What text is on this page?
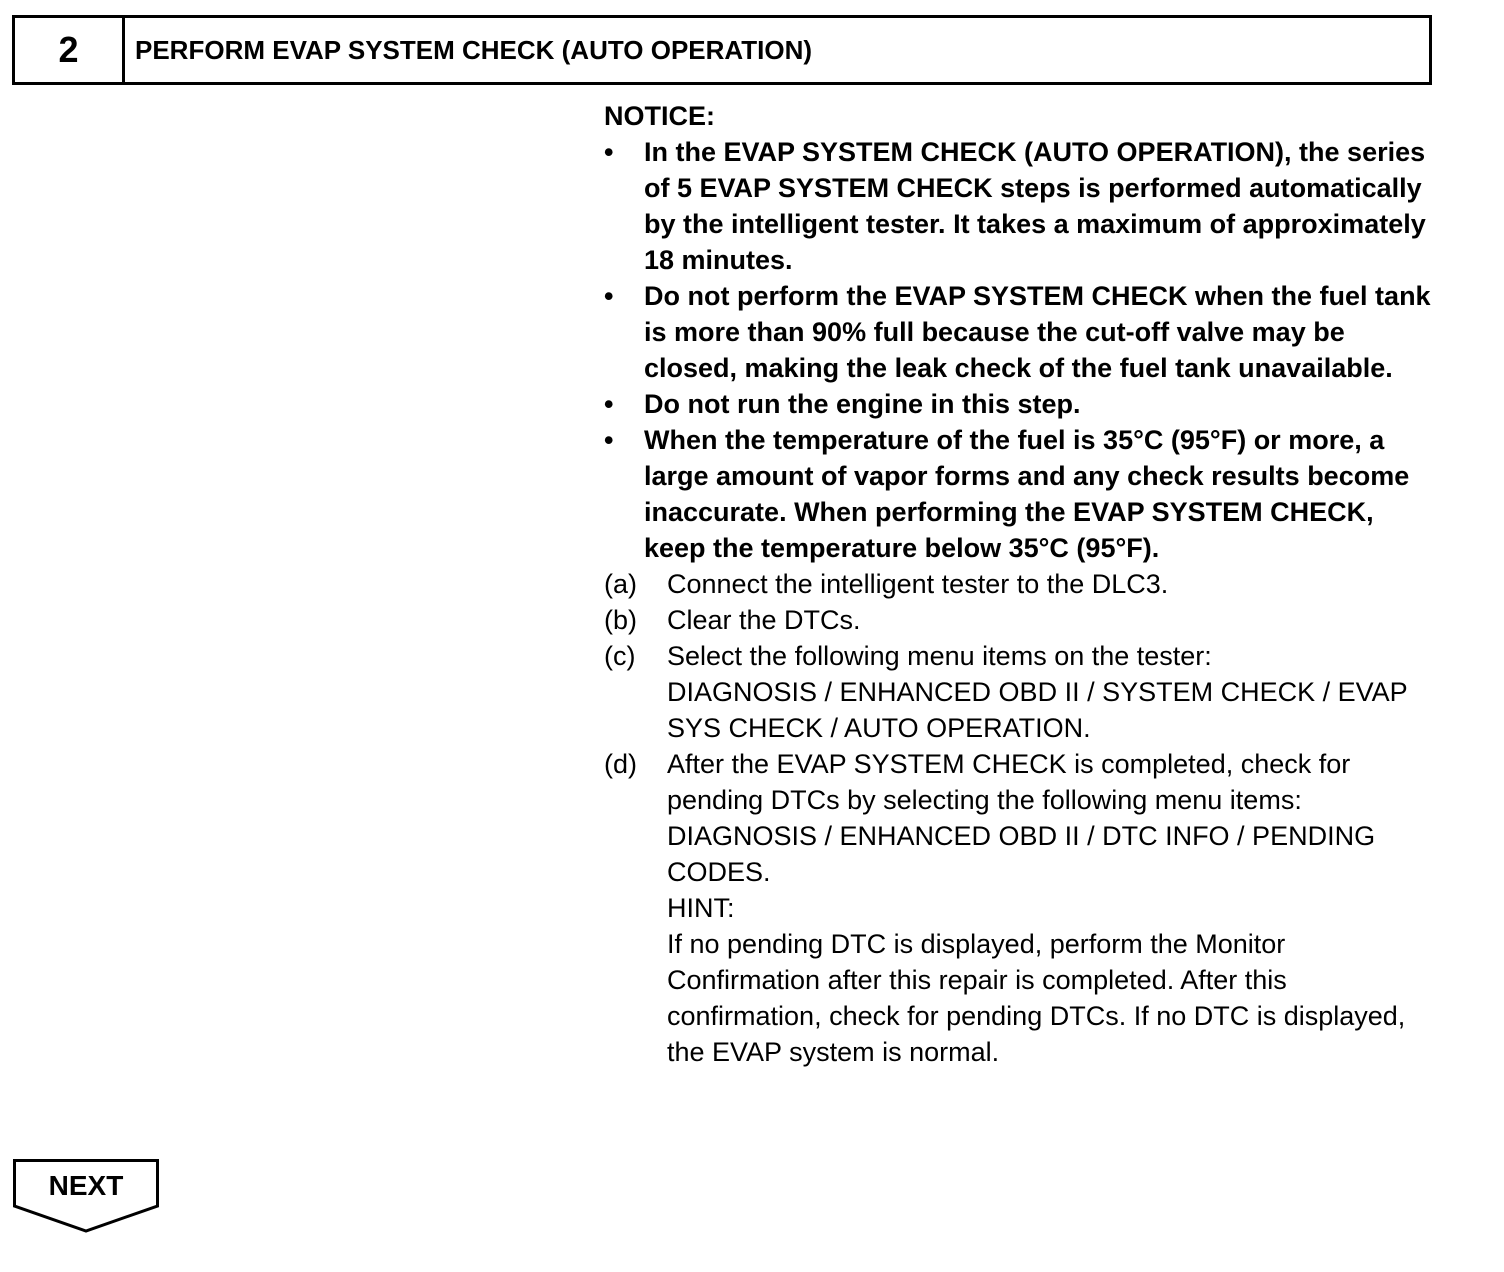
2	PERFORM EVAP SYSTEM CHECK (AUTO OPERATION)
NOTICE:
•	In the EVAP SYSTEM CHECK (AUTO OPERATION), the series of 5 EVAP SYSTEM CHECK steps is performed automatically by the intelligent tester. It takes a maximum of approximately 18 minutes.
•	Do not perform the EVAP SYSTEM CHECK when the fuel tank is more than 90% full because the cut-off valve may be closed, making the leak check of the fuel tank unavailable.
•	Do not run the engine in this step.
•	When the temperature of the fuel is 35°C (95°F) or more, a large amount of vapor forms and any check results become inaccurate. When performing the EVAP SYSTEM CHECK, keep the temperature below 35°C (95°F).
(a)	Connect the intelligent tester to the DLC3.
(b)	Clear the DTCs.
(c)	Select the following menu items on the tester:
DIAGNOSIS / ENHANCED OBD II / SYSTEM CHECK / EVAP SYS CHECK / AUTO OPERATION.
(d)	After the EVAP SYSTEM CHECK is completed, check for pending DTCs by selecting the following menu items:
DIAGNOSIS / ENHANCED OBD II / DTC INFO / PENDING CODES.
HINT:
If no pending DTC is displayed, perform the Monitor Confirmation after this repair is completed. After this confirmation, check for pending DTCs. If no DTC is displayed, the EVAP system is normal.
NEXT
